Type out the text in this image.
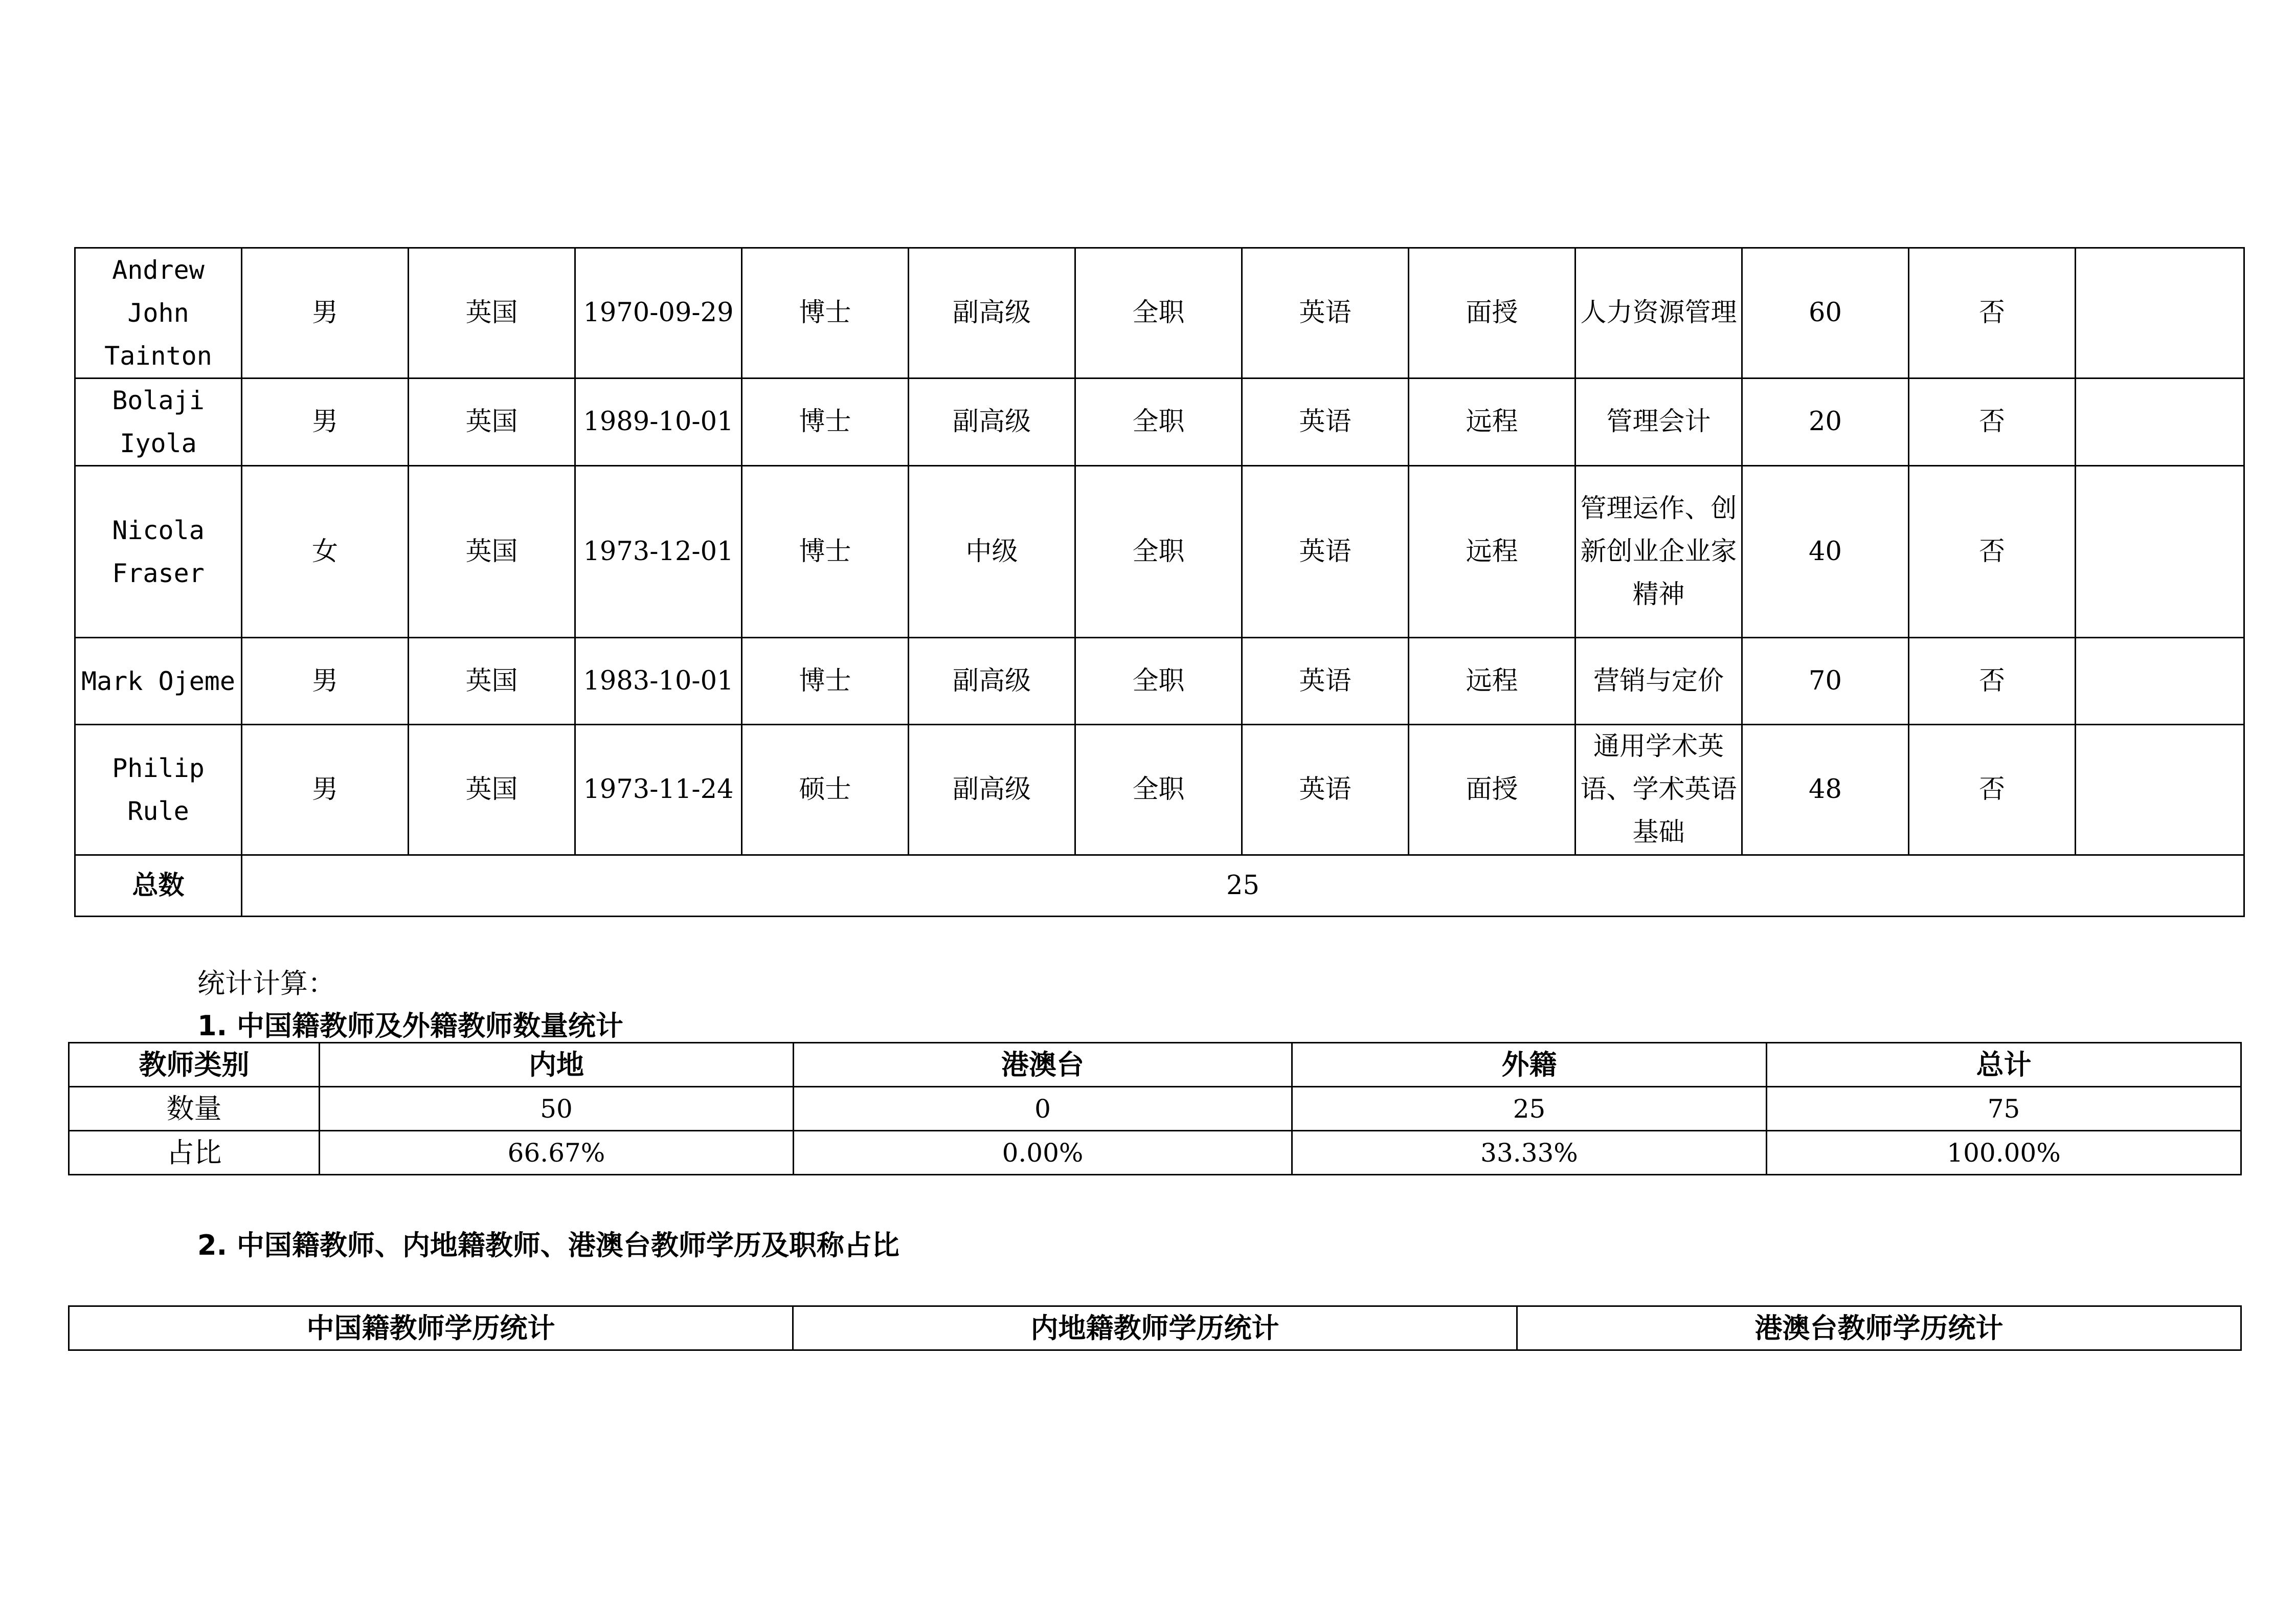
Andrew John Tainton	男	英国	1970-09-29	博士	副高级	全职	英语	面授	人力资源管理	60	否	
Bolaji Iyola	男	英国	1989-10-01	博士	副高级	全职	英语	远程	管理会计	20	否	
Nicola Fraser	女	英国	1973-12-01	博士	中级	全职	英语	远程	管理运作、创新创业企业家精神	40	否	
Mark Ojeme	男	英国	1983-10-01	博士	副高级	全职	英语	远程	营销与定价	70	否	
Philip Rule	男	英国	1973-11-24	硕士	副高级	全职	英语	面授	通用学术英语、学术英语基础	48	否	
总数	25											
统计计算：
1. 中国籍教师及外籍教师数量统计
教师类别	内地	港澳台	外籍	总计
数量	50	0	25	75
占比	66.67%	0.00%	33.33%	100.00%
2. 中国籍教师、内地籍教师、港澳台教师学历及职称占比
中国籍教师学历统计	内地籍教师学历统计	港澳台教师学历统计
